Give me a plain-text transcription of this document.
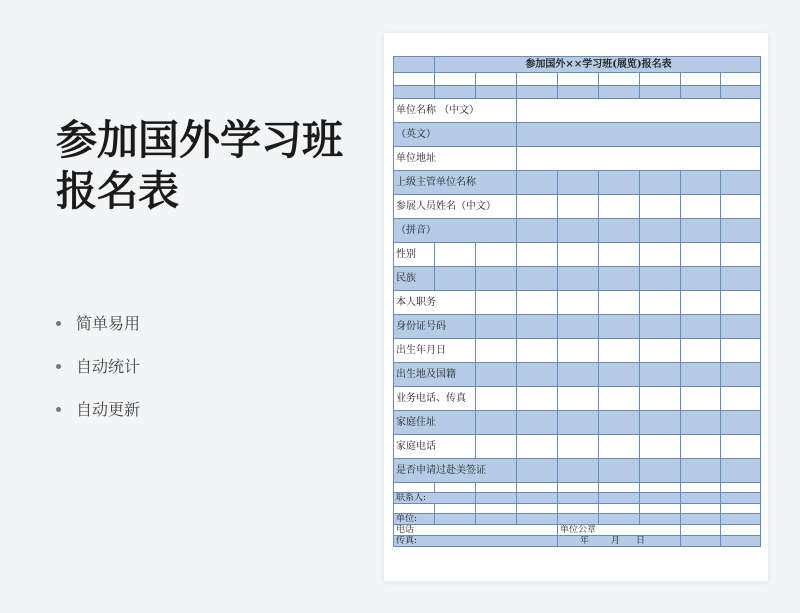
参加国外学习班
报名表
简单易用
自动统计
自动更新
	参加国外××学习班(展览)报名表							

单位名称 （中文）								
（英文）								
单位地址								
上级主管单位名称								
参展人员姓名（中文）								
（拼音）								
性别								
民族								
本人职务								
身份证号码								
出生年月日								
出生地及国籍								
业务电话、传真								
家庭住址								
家庭电话								
是否申请过赴美签证								

联系人:								

单位:								
电话				单位公章				
传真:				年 月 日				
